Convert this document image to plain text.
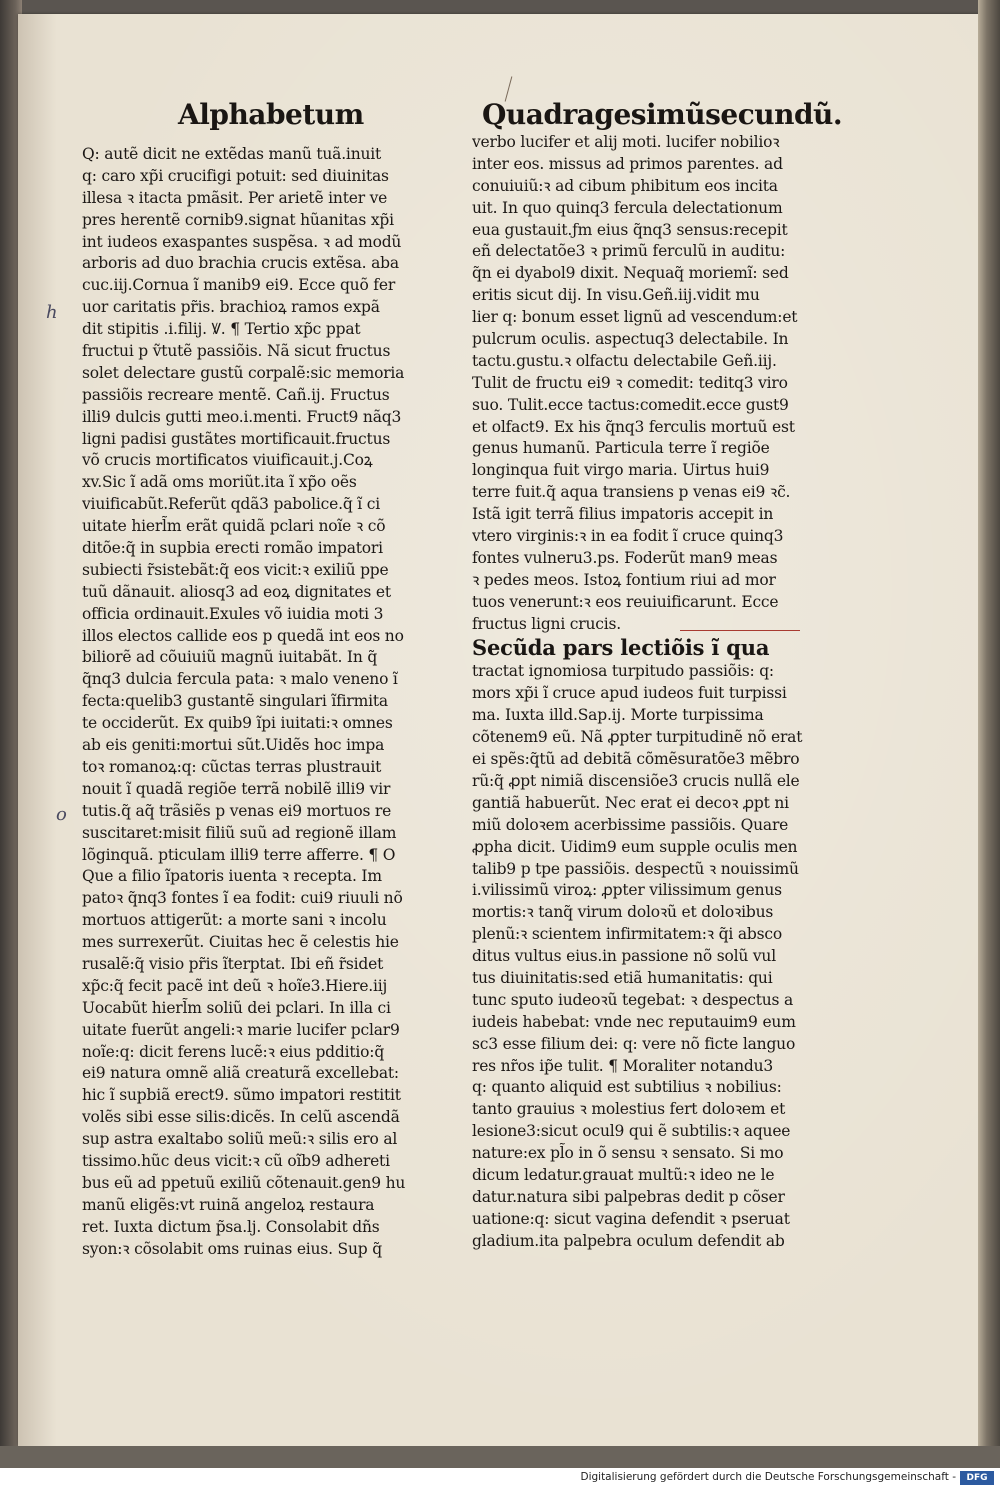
Alphabetum	Quadragesimũsecundũ.
h
o
Q: autẽ dicit ne extẽdas manũ tuã.inuit
q: caro xp̃i crucifigi potuit: sed diuinitas
illesa ꝛ itacta pmãsit. Per arietẽ inter ve
pres herentẽ cornib9.signat hũanitas xp̃i
int iudeos exaspantes suspẽsa. ꝛ ad modũ
arboris ad duo brachia crucis extẽsa. aba
cuc.iij.Cornua ĩ manib9 ei9. Ecce quõ fer
uor caritatis pr̃is. brachioꝝ ramos expã
dit stipitis .i.filij. Ꝟ. ¶ Tertio xp̃c ppat
fructui p ṽtutẽ passiõis. Nã sicut fructus
solet delectare gustũ corpalẽ:sic memoria
passiõis recreare mentẽ. Cañ.ij. Fructus
illi9 dulcis gutti meo.i.menti. Fruct9 nãq3
ligni padisi gustãtes mortificauit.fructus
võ crucis mortificatos viuificauit.j.Coꝝ
xv.Sic ĩ adã oms moriũt.ita ĩ xp̃o oẽs
viuificabũt.Referũt qdã3 pabolice.q̃ ĩ ci
uitate hierl̃m erãt quidã pclari noĩe ꝛ cõ
ditõe:q̃ in supbia erecti romão impatori
subiecti r̃sistebãt:q̃ eos vicit:ꝛ exiliũ ppe
tuũ dãnauit. aliosq3 ad eoꝝ dignitates et
officia ordinauit.Exules võ iuidia moti 3
illos electos callide eos p quedã int eos no
biliorẽ ad cõuiuiũ magnũ iuitabãt. In q̃
q̃nq3 dulcia fercula pata: ꝛ malo veneno ĩ
fecta:quelib3 gustantẽ singulari ĩfirmita
te occiderũt. Ex quib9 ĩpi iuitati:ꝛ omnes
ab eis geniti:mortui sũt.Uidẽs hoc impa
toꝛ romanoꝝ:q: cũctas terras plustrauit
nouit ĩ quadã regiõe terrã nobilẽ illi9 vir
tutis.q̃ aq̃ trãsiẽs p venas ei9 mortuos re
suscitaret:misit filiũ suũ ad regionẽ illam
lõginquã. pticulam illi9 terre afferre. ¶ O
Que a filio ĩpatoris iuenta ꝛ recepta. Im
patoꝛ q̃nq3 fontes ĩ ea fodit: cui9 riuuli nõ
mortuos attigerũt: a morte sani ꝛ incolu
mes surrexerũt. Ciuitas hec ẽ celestis hie
rusalẽ:q̃ visio pr̃is ĩterptat. Ibi eñ r̃sidet
xp̃c:q̃ fecit pacẽ int deũ ꝛ hoĩe3.Hiere.iij
Uocabũt hierl̃m soliũ dei pclari. In illa ci
uitate fuerũt angeli:ꝛ marie lucifer pclar9
noĩe:q: dicit ferens lucẽ:ꝛ eius pdditio:q̃
ei9 natura omnẽ aliã creaturã excellebat:
hic ĩ supbiã erect9. sũmo impatori restitit
volẽs sibi esse silis:dicẽs. In celũ ascendã
sup astra exaltabo soliũ meũ:ꝛ silis ero al
tissimo.hũc deus vicit:ꝛ cũ oĩb9 adhereti
bus eũ ad ppetuũ exiliũ cõtenauit.gen9 hu
manũ eligẽs:vt ruinã angeloꝝ restaura
ret. Iuxta dictum p̃sa.lj. Consolabit dñs
syon:ꝛ cõsolabit oms ruinas eius. Sup q̃
verbo lucifer et alij moti. lucifer nobilioꝛ
inter eos. missus ad primos parentes. ad
conuiuiũ:ꝛ ad cibum phibitum eos incita
uit. In quo quinq3 fercula delectationum
eua gustauit.ƒm eius q̃nq3 sensus:recepit
eñ delectatõe3 ꝛ primũ ferculũ in auditu:
q̃n ei dyabol9 dixit. Nequaq̃ moriemĩ: sed
eritis sicut dij. In visu.Geñ.iij.vidit mu
lier q: bonum esset lignũ ad vescendum:et
pulcrum oculis. aspectuq3 delectabile. In
tactu.gustu.ꝛ olfactu delectabile Geñ.iij.
Tulit de fructu ei9 ꝛ comedit: teditq3 viro
suo. Tulit.ecce tactus:comedit.ecce gust9
et olfact9. Ex his q̃nq3 ferculis mortuũ est
genus humanũ. Particula terre ĩ regiõe
longinqua fuit virgo maria. Uirtus hui9
terre fuit.q̃ aqua transiens p venas ei9 ꝛc̃.
Istã igit terrã filius impatoris accepit in
vtero virginis:ꝛ in ea fodit ĩ cruce quinq3
fontes vulneru3.ps. Foderũt man9 meas
ꝛ pedes meos. Istoꝝ fontium riui ad mor
tuos venerunt:ꝛ eos reuiuificarunt. Ecce
fructus ligni crucis.
Secũda pars lectiõis ĩ qua
tractat ignomiosa turpitudo passiõis: q:
mors xp̃i ĩ cruce apud iudeos fuit turpissi
ma. Iuxta illd.Sap.ij. Morte turpissima
cõtenem9 eũ. Nã ꝓpter turpitudinẽ nõ erat
ei spẽs:q̃tũ ad debitã cõmẽsuratõe3 mẽbro
rũ:q̃ ꝓpt nimiã discensiõe3 crucis nullã ele
gantiã habuerũt. Nec erat ei decoꝛ ꝓpt ni
miũ doloꝛem acerbissime passiõis. Quare
ꝓpha dicit. Uidim9 eum supple oculis men
talib9 p tpe passiõis. despectũ ꝛ nouissimũ
i.vilissimũ viroꝝ: ꝓpter vilissimum genus
mortis:ꝛ tanq̃ virum doloꝛũ et doloꝛibus
plenũ:ꝛ scientem infirmitatem:ꝛ q̃i absco
ditus vultus eius.in passione nõ solũ vul
tus diuinitatis:sed etiã humanitatis: qui
tunc sputo iudeoꝛũ tegebat: ꝛ despectus a
iudeis habebat: vnde nec reputauim9 eum
sc3 esse filium dei: q: vere nõ ficte languo
res nr̃os ip̃e tulit. ¶ Moraliter notandu3
q: quanto aliquid est subtilius ꝛ nobilius:
tanto grauius ꝛ molestius fert doloꝛem et
lesione3:sicut ocul9 qui ẽ subtilis:ꝛ aquee
nature:ex pl̃o in õ sensu ꝛ sensato. Si mo
dicum ledatur.grauat multũ:ꝛ ideo ne le
datur.natura sibi palpebras dedit p cõser
uatione:q: sicut vagina defendit ꝛ pseruat
gladium.ita palpebra oculum defendit ab
Digitalisierung gefördert durch die Deutsche Forschungsgemeinschaft -	DFG
